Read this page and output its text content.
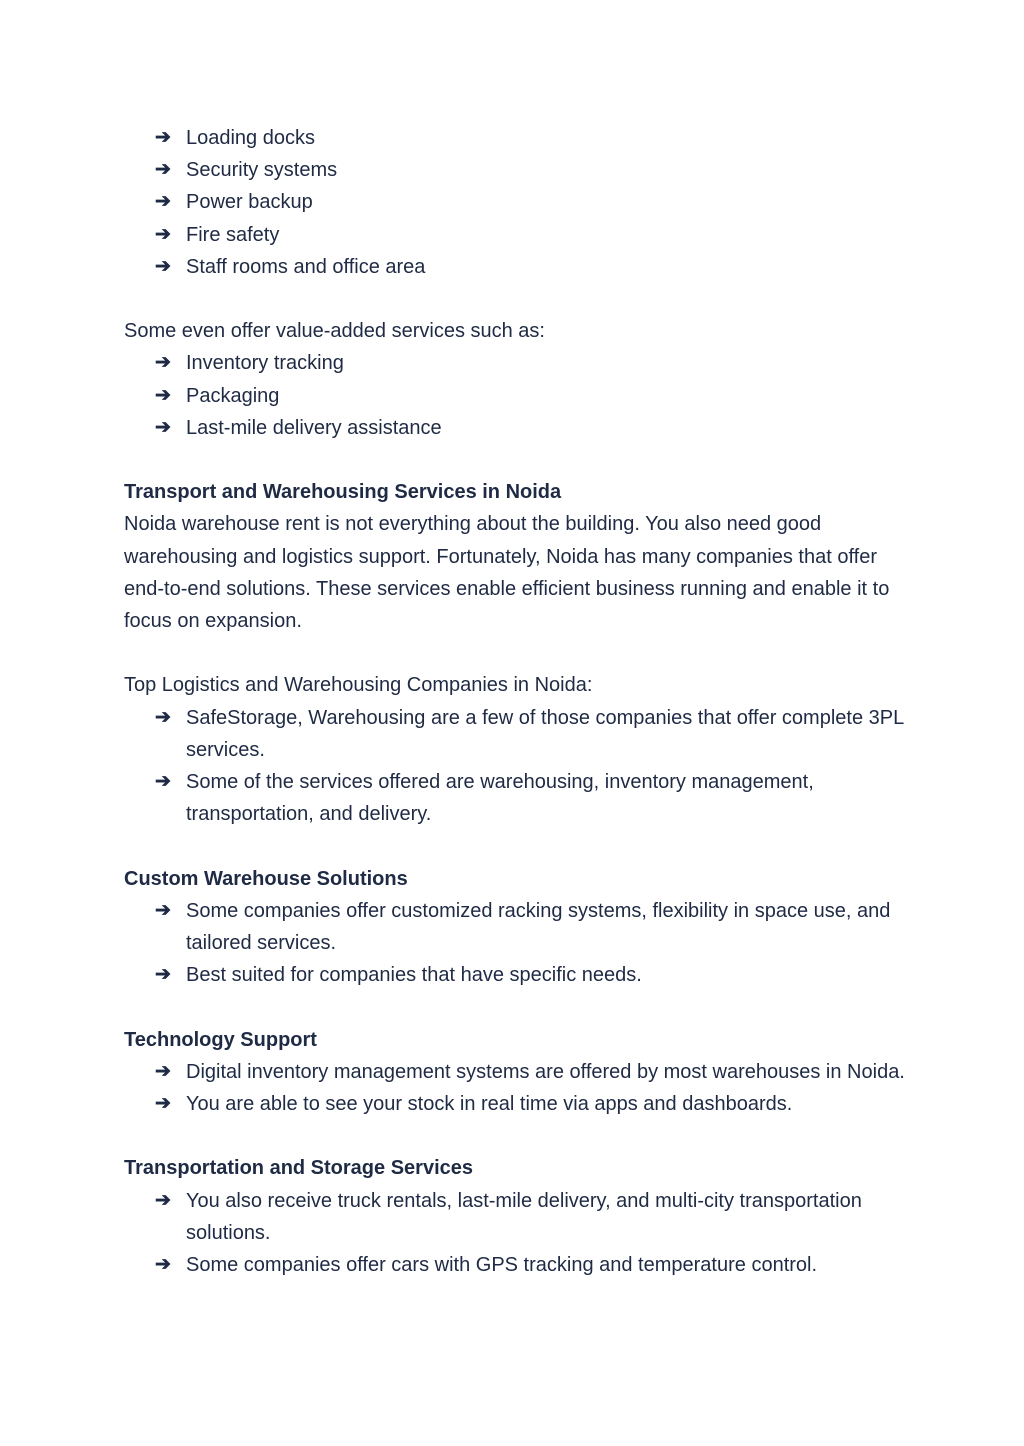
➔ Loading docks
➔ Security systems
➔ Power backup
➔ Fire safety
➔ Staff rooms and office area

Some even offer value-added services such as:

➔ Inventory tracking
➔ Packaging
➔ Last-mile delivery assistance
Transport and Warehousing Services in Noida

Noida warehouse rent is not everything about the building. You also need good warehousing and logistics support. Fortunately, Noida has many companies that offer end-to-end solutions. These services enable efficient business running and enable it to focus on expansion.

Top Logistics and Warehousing Companies in Noida:

➔ SafeStorage, Warehousing are a few of those companies that offer complete 3PL services.
➔ Some of the services offered are warehousing, inventory management, transportation, and delivery.
Custom Warehouse Solutions
➔ Some companies offer customized racking systems, flexibility in space use, and tailored services.
➔ Best suited for companies that have specific needs.
Technology Support
➔ Digital inventory management systems are offered by most warehouses in Noida.
➔ You are able to see your stock in real time via apps and dashboards.
Transportation and Storage Services
➔ You also receive truck rentals, last-mile delivery, and multi-city transportation solutions.
➔ Some companies offer cars with GPS tracking and temperature control.
